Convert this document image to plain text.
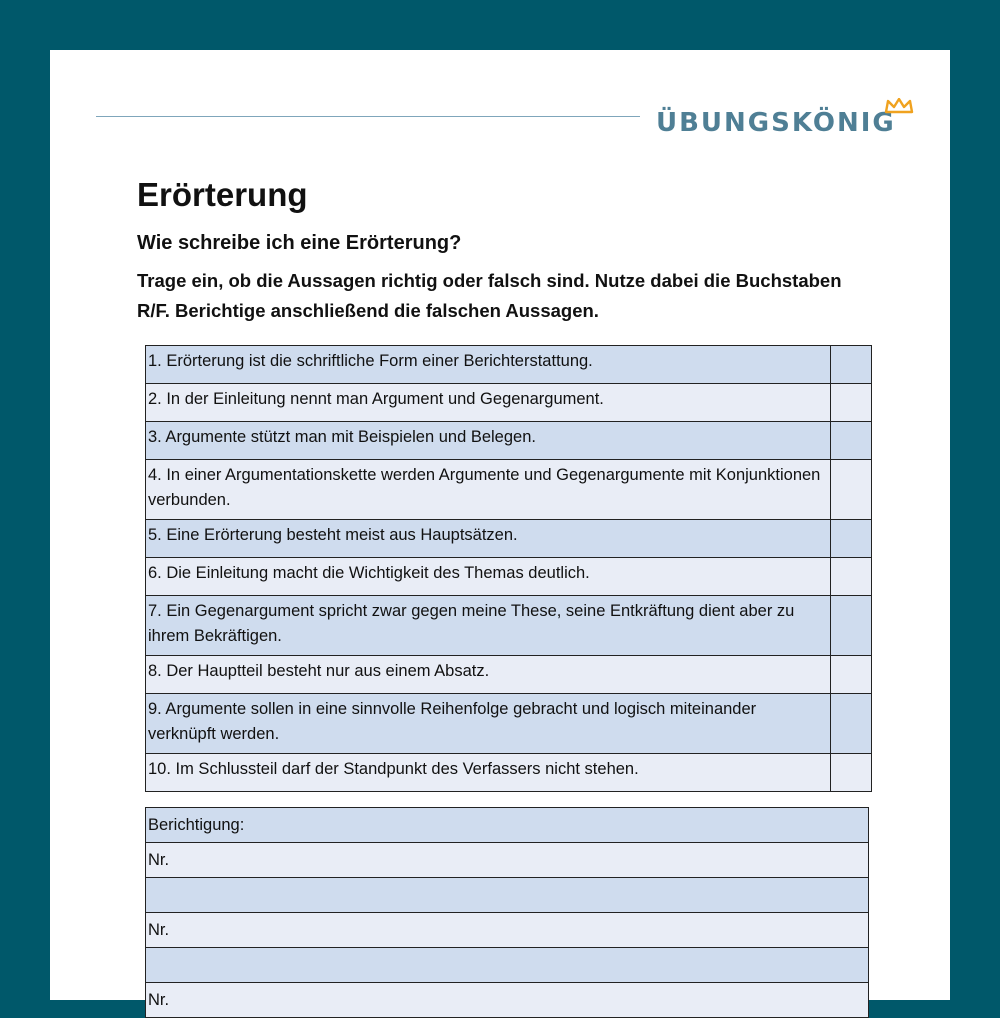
ÜBUNGSKÖNIG
Erörterung
Wie schreibe ich eine Erörterung?

Trage ein, ob die Aussagen richtig oder falsch sind. Nutze dabei die Buchstaben R/F. Berichtige anschließend die falschen Aussagen.

1. Erörterung ist die schriftliche Form einer Berichterstattung.	
2. In der Einleitung nennt man Argument und Gegenargument.	
3. Argumente stützt man mit Beispielen und Belegen.	
4. In einer Argumentationskette werden Argumente und Gegenargumente mit Konjunktionen verbunden.	
5. Eine Erörterung besteht meist aus Hauptsätzen.	
6. Die Einleitung macht die Wichtigkeit des Themas deutlich.	
7. Ein Gegenargument spricht zwar gegen meine These, seine Entkräftung dient aber zu ihrem Bekräftigen.	
8. Der Hauptteil besteht nur aus einem Absatz.	
9. Argumente sollen in eine sinnvolle Reihenfolge gebracht und logisch miteinander verknüpft werden.	
10. Im Schlussteil darf der Standpunkt des Verfassers nicht stehen.	
Berichtigung:
Nr.

Nr.

Nr.
